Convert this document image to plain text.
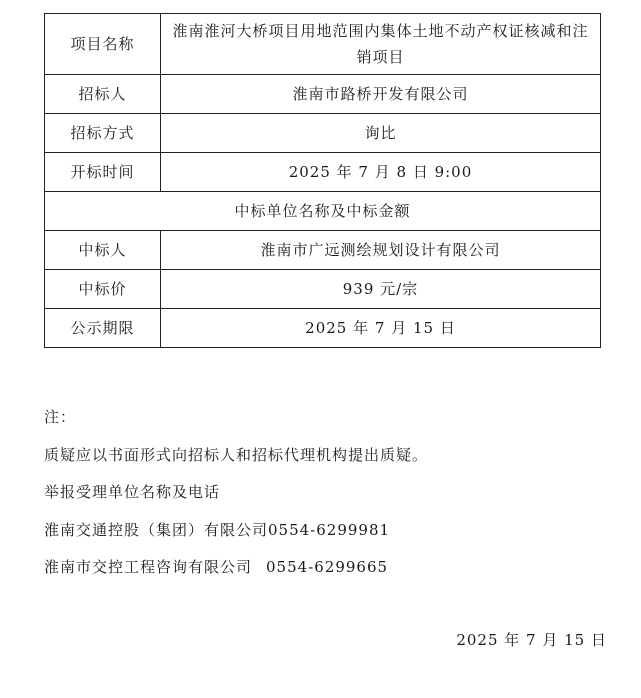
项目名称	淮南淮河大桥项目用地范围内集体土地不动产权证核减和注销项目
招标人	淮南市路桥开发有限公司
招标方式	询比
开标时间	2025 年 7 月 8 日 9:00
中标单位名称及中标金额	
中标人	淮南市广远测绘规划设计有限公司
中标价	939 元/宗
公示期限	2025 年 7 月 15 日
注：
质疑应以书面形式向招标人和招标代理机构提出质疑。
举报受理单位名称及电话
淮南交通控股（集团）有限公司0554-6299981
淮南市交控工程咨询有限公司 0554-6299665
2025 年 7 月 15 日
